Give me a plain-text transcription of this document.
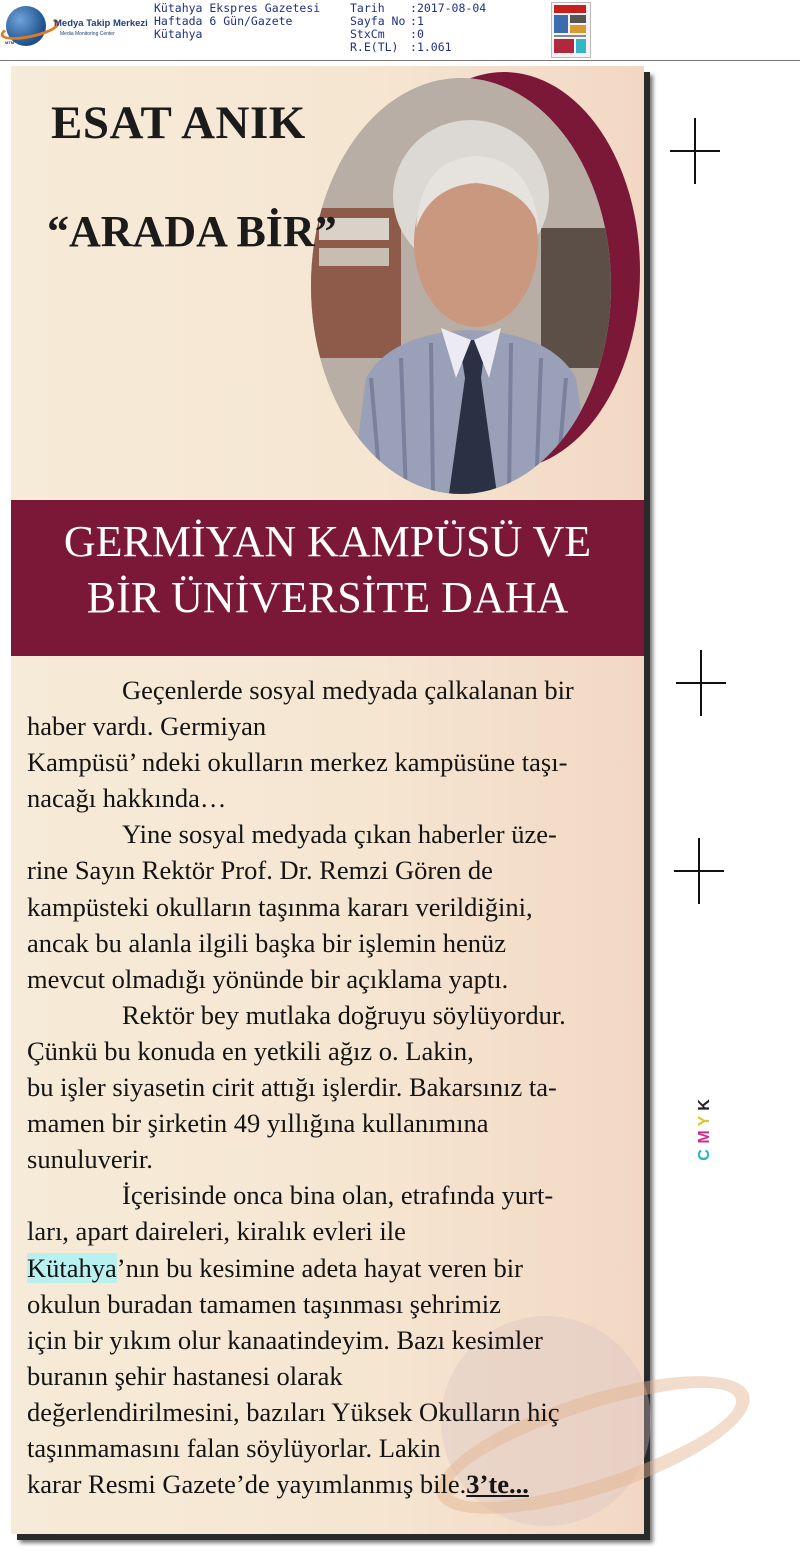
Medya Takip Merkezi
Media Monitoring Center
MTM
Kütahya Ekspres Gazetesi
Haftada 6 Gün/Gazete
Kütahya
Tarih
Sayfa No
StxCm
R.E(TL)
:2017-08-04
:1
:0
:1.061
ESAT ANIK
“ARADA BİR”
GERMİYAN KAMPÜSÜ VE
BİR ÜNİVERSİTE DAHA
Geçenlerde sosyal medyada çalkalanan bir
haber vardı. Germiyan
Kampüsü’ ndeki okulların merkez kampüsüne taşı-
nacağı hakkında…
Yine sosyal medyada çıkan haberler üze-
rine Sayın Rektör Prof. Dr. Remzi Gören de
kampüsteki okulların taşınma kararı verildiğini,
ancak bu alanla ilgili başka bir işlemin henüz
mevcut olmadığı yönünde bir açıklama yaptı.
Rektör bey mutlaka doğruyu söylüyordur.
Çünkü bu konuda en yetkili ağız o. Lakin,
bu işler siyasetin cirit attığı işlerdir. Bakarsınız ta-
mamen bir şirketin 49 yıllığına kullanımına
sunuluverir.
İçerisinde onca bina olan, etrafında yurt-
ları, apart daireleri, kiralık evleri ile
Kütahya’nın bu kesimine adeta hayat veren bir
okulun buradan tamamen taşınması şehrimiz
için bir yıkım olur kanaatindeyim. Bazı kesimler
buranın şehir hastanesi olarak
değerlendirilmesini, bazıları Yüksek Okulların hiç
taşınmamasını falan söylüyorlar. Lakin
karar Resmi Gazete’de yayımlanmış bile.3’te...
C
M
Y
K
